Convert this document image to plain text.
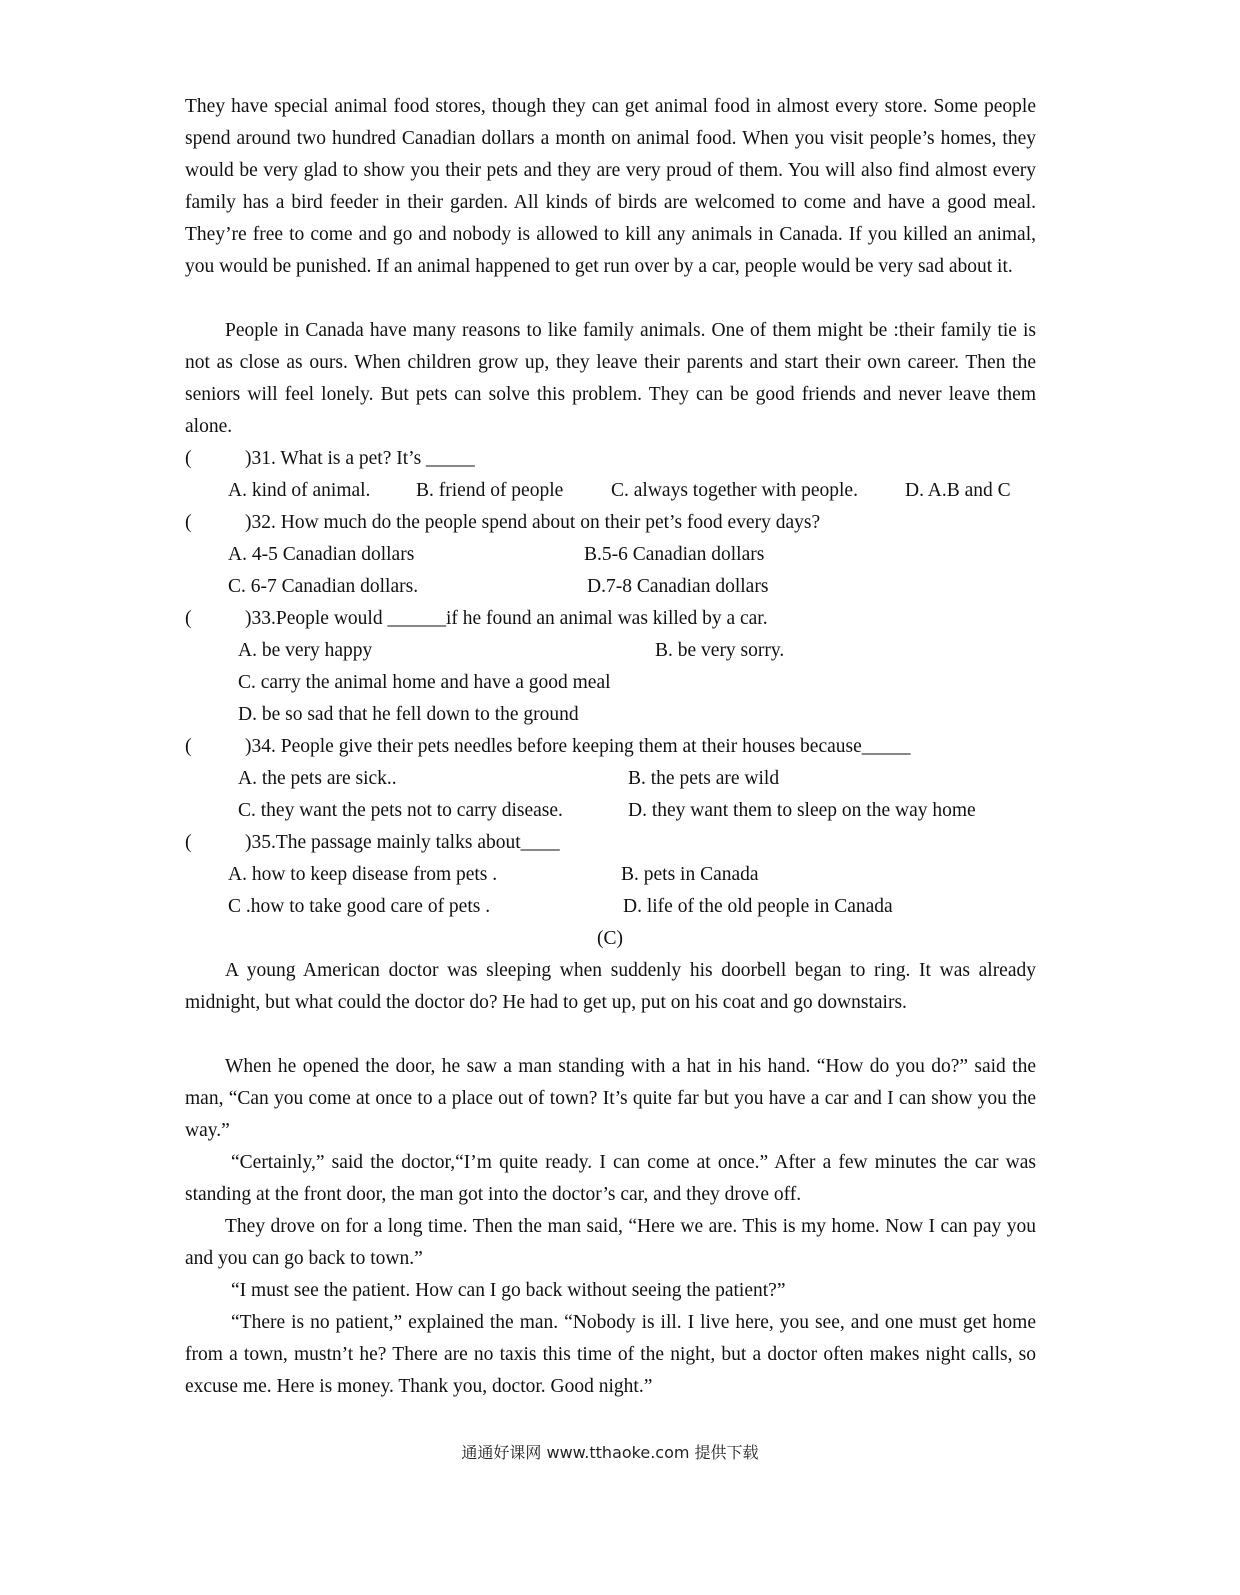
They have special animal food stores, though they can get animal food in almost every store. Some people spend around two hundred Canadian dollars a month on animal food. When you visit people’s homes, they would be very glad to show you their pets and they are very proud of them. You will also find almost every family has a bird feeder in their garden. All kinds of birds are welcomed to come and have a good meal. They’re free to come and go and nobody is allowed to kill any animals in Canada. If you killed an animal, you would be punished. If an animal happened to get run over by a car, people would be very sad about it.

People in Canada have many reasons to like family animals. One of them might be :their family tie is not as close as ours. When children grow up, they leave their parents and start their own career. Then the seniors will feel lonely. But pets can solve this problem. They can be good friends and never leave them alone.

(	)31. What is a pet? It’s _____
A. kind of animal. B. friend of people C. always together with people. D. A.B and C
(	)32. How much do the people spend about on their pet’s food every days?
A. 4-5 Canadian dollars	B.5-6 Canadian dollars
C. 6-7 Canadian dollars.	D.7-8 Canadian dollars
(	)33.People would ______if he found an animal was killed by a car.
A. be very happy	B. be very sorry.
C. carry the animal home and have a good meal
D. be so sad that he fell down to the ground
(	)34. People give their pets needles before keeping them at their houses because_____
A. the pets are sick..	B. the pets are wild
C. they want the pets not to carry disease.	D. they want them to sleep on the way home
(	)35.The passage mainly talks about____
A. how to keep disease from pets .	B. pets in Canada
C .how to take good care of pets .	D. life of the old people in Canada
(C)

A young American doctor was sleeping when suddenly his doorbell began to ring. It was already midnight, but what could the doctor do? He had to get up, put on his coat and go downstairs.

When he opened the door, he saw a man standing with a hat in his hand. “How do you do?” said the man, “Can you come at once to a place out of town? It’s quite far but you have a car and I can show you the way.”

“Certainly,” said the doctor,“I’m quite ready. I can come at once.” After a few minutes the car was standing at the front door, the man got into the doctor’s car, and they drove off.

They drove on for a long time. Then the man said, “Here we are. This is my home. Now I can pay you and you can go back to town.”

“I must see the patient. How can I go back without seeing the patient?”

“There is no patient,” explained the man. “Nobody is ill. I live here, you see, and one must get home from a town, mustn’t he? There are no taxis this time of the night, but a doctor often makes night calls, so excuse me. Here is money. Thank you, doctor. Good night.”

通通好课网 www.tthaoke.com 提供下载
